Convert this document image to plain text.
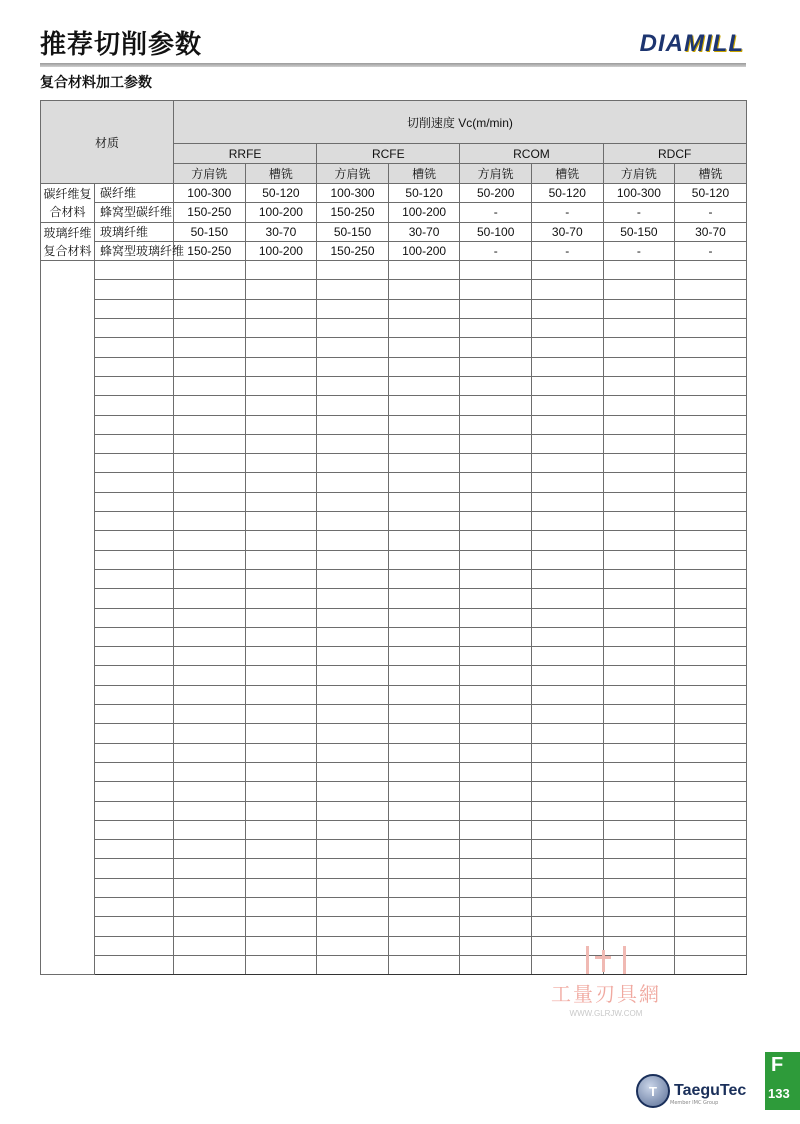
推荐切削参数	DIAMILL
复合材料加工参数
材质		切削速度 Vc(m/min)							
		RRFE		RCFE		RCOM		RDCF	
		方肩铣	槽铣	方肩铣	槽铣	方肩铣	槽铣	方肩铣	槽铣
碳纤维复合材料	碳纤维	100-300	50-120	100-300	50-120	50-200	50-120	100-300	50-120
	蜂窝型碳纤维	150-250	100-200	150-250	100-200	-	-	-	-
玻璃纤维复合材料	玻璃纤维	50-150	30-70	50-150	30-70	50-100	30-70	50-150	30-70
	蜂窝型玻璃纤维	150-250	100-200	150-250	100-200	-	-	-	-

工量刃具網
WWW.GLRJW.COM
T	TaeguTec
Member IMC Group
F
133
